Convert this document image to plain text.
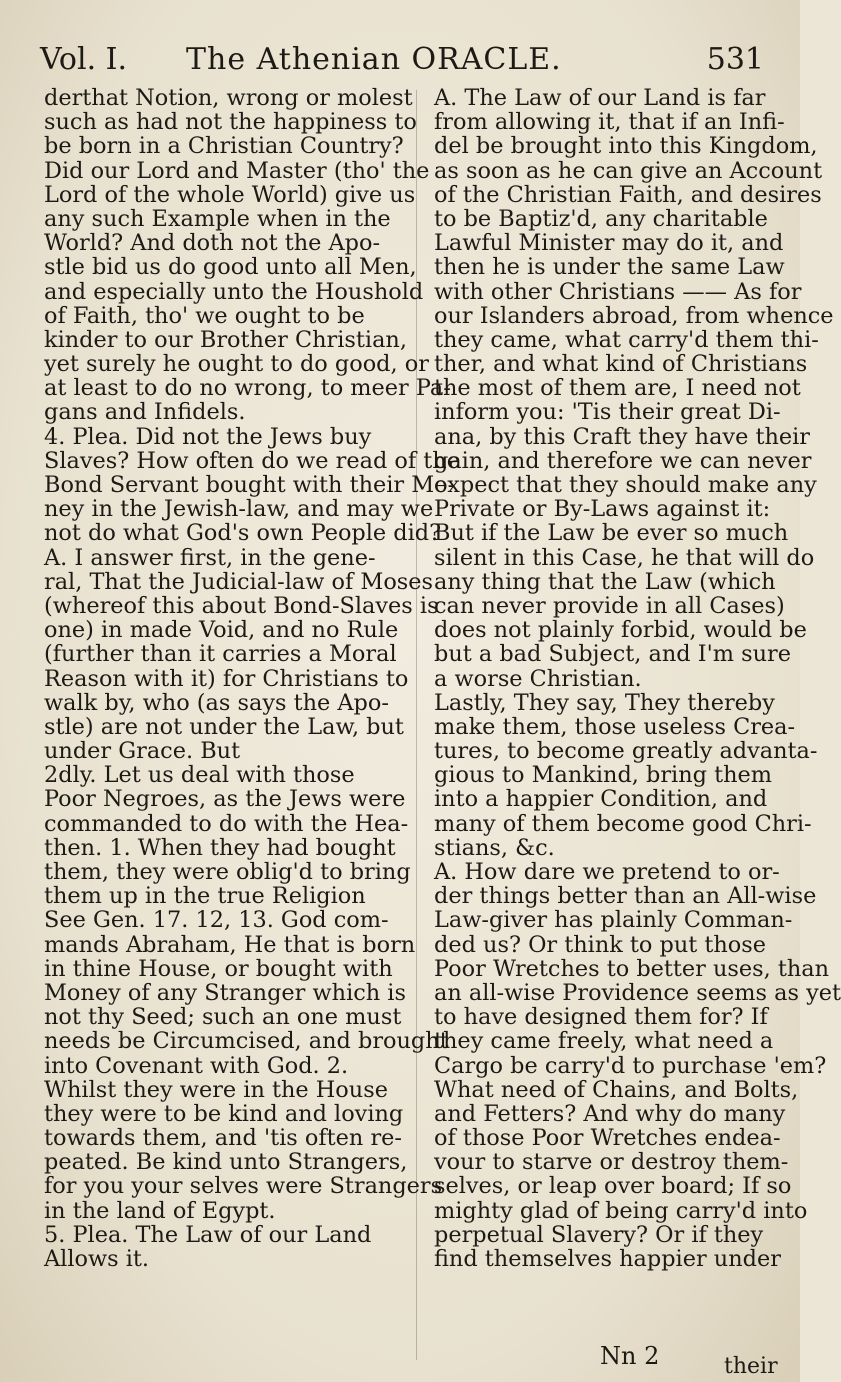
Vol. I. The Athenian ORACLE.	531
derthat Notion, wrong or molest
such as had not the happiness to
be born in a Christian Country?
Did our Lord and Master (tho' the
Lord of the whole World) give us
any such Example when in the
World? And doth not the Apo-
stle bid us do good unto all Men,
and especially unto the Houshold
of Faith, tho' we ought to be
kinder to our Brother Christian,
yet surely he ought to do good, or
at least to do no wrong, to meer Pa-
gans and Infidels.
4. Plea. Did not the Jews buy
Slaves? How often do we read of the
Bond Servant bought with their Mo-
ney in the Jewish-law, and may we
not do what God's own People did?
A. I answer first, in the gene-
ral, That the Judicial-law of Moses
(whereof this about Bond-Slaves is
one) in made Void, and no Rule
(further than it carries a Moral
Reason with it) for Christians to
walk by, who (as says the Apo-
stle) are not under the Law, but
under Grace. But
2dly. Let us deal with those
Poor Negroes, as the Jews were
commanded to do with the Hea-
then. 1. When they had bought
them, they were oblig'd to bring
them up in the true Religion
See Gen. 17. 12, 13. God com-
mands Abraham, He that is born
in thine House, or bought with
Money of any Stranger which is
not thy Seed; such an one must
needs be Circumcised, and brought
into Covenant with God. 2.
Whilst they were in the House
they were to be kind and loving
towards them, and 'tis often re-
peated. Be kind unto Strangers,
for you your selves were Strangers
in the land of Egypt.
5. Plea. The Law of our Land
Allows it.
A. The Law of our Land is far
from allowing it, that if an Infi-
del be brought into this Kingdom,
as soon as he can give an Account
of the Christian Faith, and desires
to be Baptiz'd, any charitable
Lawful Minister may do it, and
then he is under the same Law
with other Christians —— As for
our Islanders abroad, from whence
they came, what carry'd them thi-
ther, and what kind of Christians
the most of them are, I need not
inform you: 'Tis their great Di-
ana, by this Craft they have their
gain, and therefore we can never
expect that they should make any
Private or By-Laws against it:
But if the Law be ever so much
silent in this Case, he that will do
any thing that the Law (which
can never provide in all Cases)
does not plainly forbid, would be
but a bad Subject, and I'm sure
a worse Christian.
Lastly, They say, They thereby
make them, those useless Crea-
tures, to become greatly advanta-
gious to Mankind, bring them
into a happier Condition, and
many of them become good Chri-
stians, &c.
A. How dare we pretend to or-
der things better than an All-wise
Law-giver has plainly Comman-
ded us? Or think to put those
Poor Wretches to better uses, than
an all-wise Providence seems as yet
to have designed them for? If
they came freely, what need a
Cargo be carry'd to purchase 'em?
What need of Chains, and Bolts,
and Fetters? And why do many
of those Poor Wretches endea-
vour to starve or destroy them-
selves, or leap over board; If so
mighty glad of being carry'd into
perpetual Slavery? Or if they
find themselves happier under
Nn 2	their
